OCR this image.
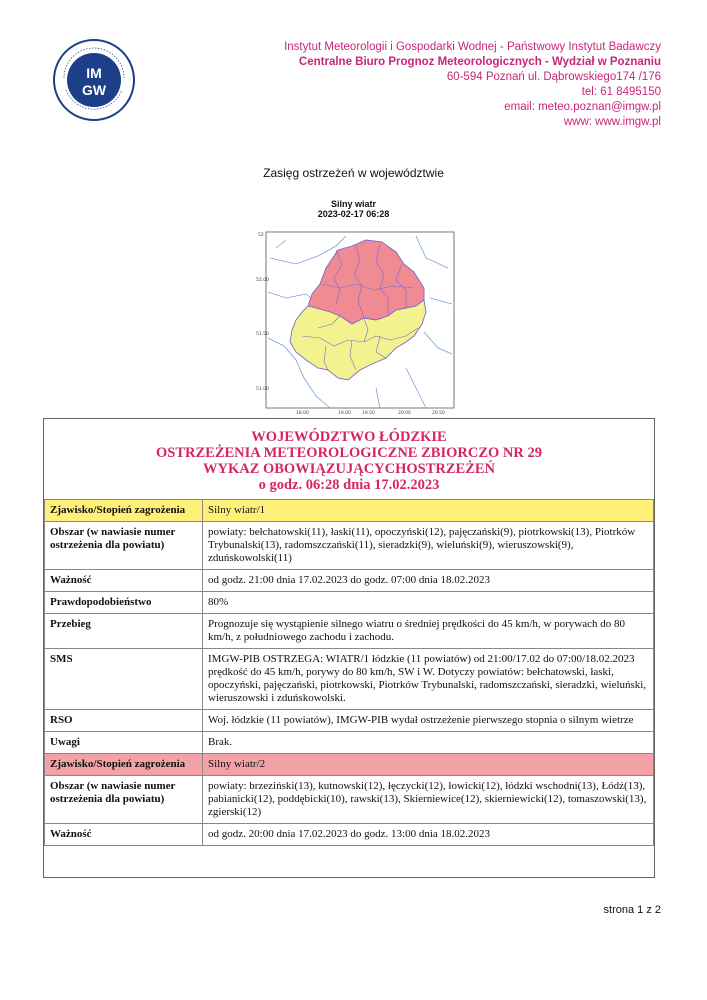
IM
GW
Instytut Meteorologii i Gospodarki Wodnej - Państwowy Instytut Badawczy
Centralne Biuro Prognoz Meteorologicznych - Wydział w Poznaniu
60-594 Poznań ul. Dąbrowskiego174 /176
tel: 61 8495150
email: meteo.poznan@imgw.pl
www: www.imgw.pl
Zasięg ostrzeżeń w województwie
Silny wiatr
2023-02-17 06:28
52
52.00
51.50
51.00
18.00	19.00 19.50	20.00	20.50
WOJEWÓDZTWO ŁÓDZKIE
OSTRZEŻENIA METEOROLOGICZNE ZBIORCZO NR 29
WYKAZ OBOWIĄZUJĄCYCHOSTRZEŻEŃ
o godz. 06:28 dnia 17.02.2023
Zjawisko/Stopień zagrożenia	Silny wiatr/1
Obszar (w nawiasie numer ostrzeżenia dla powiatu)	powiaty: bełchatowski(11), łaski(11), opoczyński(12), pajęczański(9), piotrkowski(13), Piotrków Trybunalski(13), radomszczański(11), sieradzki(9), wieluński(9), wieruszowski(9), zduńskowolski(11)
Ważność	od godz. 21:00 dnia 17.02.2023 do godz. 07:00 dnia 18.02.2023
Prawdopodobieństwo	80%
Przebieg	Prognozuje się wystąpienie silnego wiatru o średniej prędkości do 45 km/h, w porywach do 80 km/h, z południowego zachodu i zachodu.
SMS	IMGW-PIB OSTRZEGA: WIATR/1 łódzkie (11 powiatów) od 21:00/17.02 do 07:00/18.02.2023 prędkość do 45 km/h, porywy do 80 km/h, SW i W. Dotyczy powiatów: bełchatowski, łaski, opoczyński, pajęczański, piotrkowski, Piotrków Trybunalski, radomszczański, sieradzki, wieluński, wieruszowski i zduńskowolski.
RSO	Woj. łódzkie (11 powiatów), IMGW-PIB wydał ostrzeżenie pierwszego stopnia o silnym wietrze
Uwagi	Brak.
Zjawisko/Stopień zagrożenia	Silny wiatr/2
Obszar (w nawiasie numer ostrzeżenia dla powiatu)	powiaty: brzeziński(13), kutnowski(12), łęczycki(12), łowicki(12), łódzki wschodni(13), Łódź(13), pabianicki(12), poddębicki(10), rawski(13), Skierniewice(12), skierniewicki(12), tomaszowski(13), zgierski(12)
Ważność	od godz. 20:00 dnia 17.02.2023 do godz. 13:00 dnia 18.02.2023
strona 1 z 2
